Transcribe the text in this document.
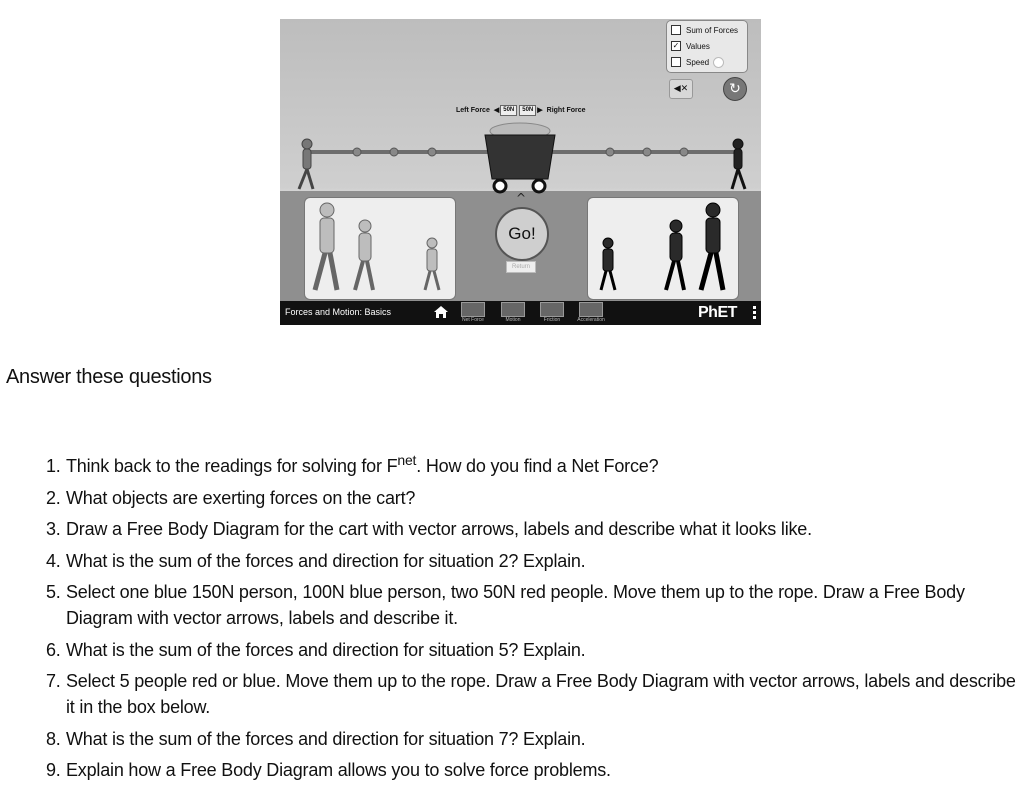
Left Force ◀ 50N	50N ▶ Right Force
Sum of Forces
✓ Values
Speed
◀✕	↻
^
Go!
Return
Forces and Motion: Basics
Net Force	Motion	Friction	Acceleration	PhET
Answer these questions
1. Think back to the readings for solving for $F^{net}$. How do you find a Net Force?
2. What objects are exerting forces on the cart?
3. Draw a Free Body Diagram for the cart with vector arrows, labels and describe what it looks like.
4. What is the sum of the forces and direction for situation 2? Explain.
5. Select one blue 150N person, 100N blue person, two 50N red people. Move them up to the rope. Draw a Free Body Diagram with vector arrows, labels and describe it.
6. What is the sum of the forces and direction for situation 5? Explain.
7. Select 5 people red or blue. Move them up to the rope. Draw a Free Body Diagram with vector arrows, labels and describe it in the box below.
8. What is the sum of the forces and direction for situation 7? Explain.
9. Explain how a Free Body Diagram allows you to solve force problems.
